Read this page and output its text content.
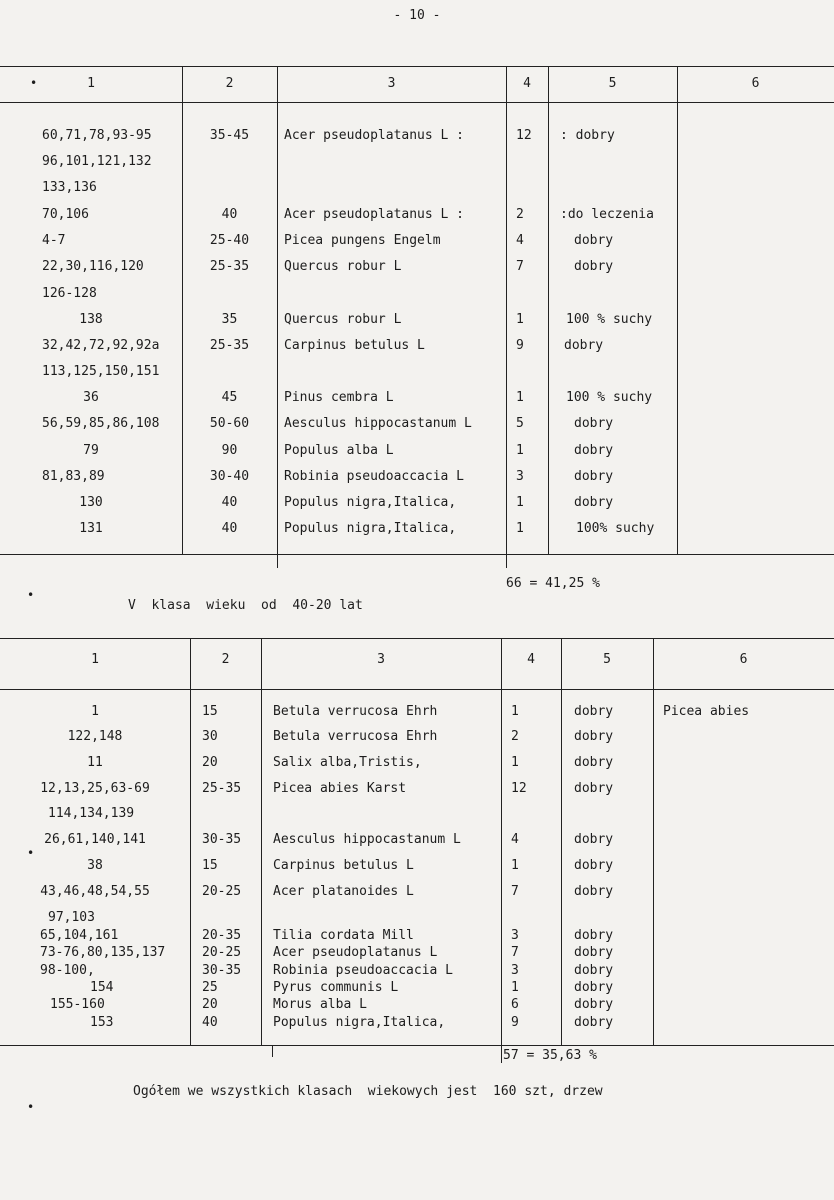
- 10 -
1	2	3	4	5	6
60,71,78,93-95	35-45	Acer pseudoplatanus L :	12	: dobry
96,101,121,132
133,136
70,106	40	Acer pseudoplatanus L :	2	:do leczenia
4-7	25-40	Picea pungens Engelm	4	dobry
22,30,116,120	25-35	Quercus robur L	7	dobry
126-128
138	35	Quercus robur L	1	100 % suchy
32,42,72,92,92a	25-35	Carpinus betulus L	9	dobry
113,125,150,151
36	45	Pinus cembra L	1	100 % suchy
56,59,85,86,108	50-60	Aesculus hippocastanum L	5	dobry
79	90	Populus alba L	1	dobry
81,83,89	30-40	Robinia pseudoaccacia L	3	dobry
130	40	Populus nigra,Italica,	1	dobry
131	40	Populus nigra,Italica,	1	100% suchy
66 = 41,25 %
V  klasa  wieku  od  40-20 lat
1	2	3	4	5	6
1	15	Betula verrucosa Ehrh	1	dobry	Picea abies
122,148	30	Betula verrucosa Ehrh	2	dobry
11	20	Salix alba,Tristis,	1	dobry
12,13,25,63-69	25-35	Picea abies Karst	12	dobry
114,134,139
26,61,140,141	30-35	Aesculus hippocastanum L	4	dobry
38	15	Carpinus betulus L	1	dobry
43,46,48,54,55	20-25	Acer platanoides L	7	dobry
97,103
65,104,161	20-35	Tilia cordata Mill	3	dobry
73-76,80,135,137	20-25	Acer pseudoplatanus L	7	dobry
98-100,	30-35	Robinia pseudoaccacia L	3	dobry
154	25	Pyrus communis L	1	dobry
155-160	20	Morus alba L	6	dobry
153	40	Populus nigra,Italica,	9	dobry
57 = 35,63 %
Ogółem we wszystkich klasach  wiekowych jest  160 szt, drzew
•
•
•
•
